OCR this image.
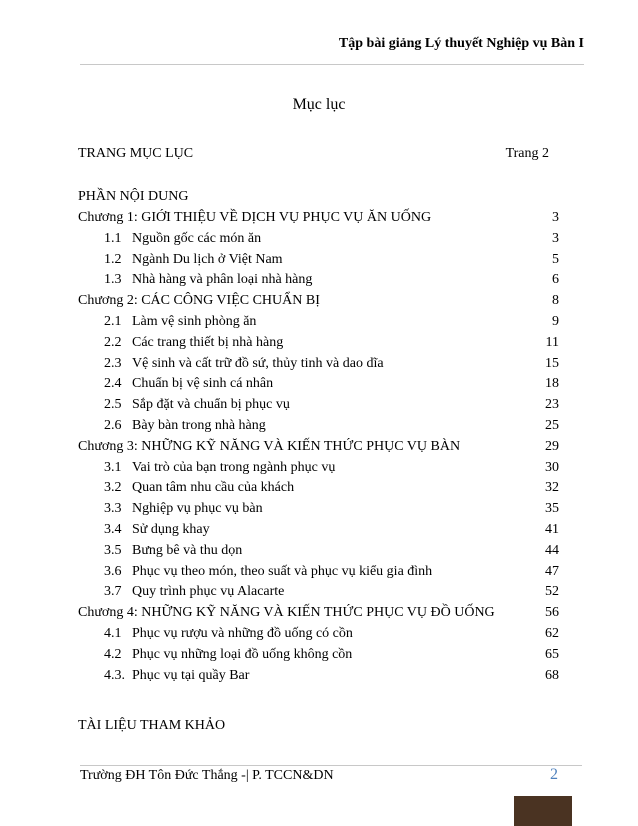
Tập bài giảng Lý thuyết Nghiệp vụ Bàn I
Mục lục
TRANG MỤC LỤC	Trang 2
PHẦN NỘI DUNG
Chương 1: GIỚI THIỆU VỀ DỊCH VỤ PHỤC VỤ ĂN UỐNG	3
1.1 Nguồn gốc các món ăn	3
1.2 Ngành Du lịch ở Việt Nam	5
1.3 Nhà hàng và phân loại nhà hàng	6
Chương 2: CÁC CÔNG VIỆC CHUẨN BỊ	8
2.1 Làm vệ sinh phòng ăn	9
2.2 Các trang thiết bị nhà hàng	11
2.3 Vệ sinh và cất trữ đồ sứ, thủy tinh và dao dĩa	15
2.4 Chuẩn bị vệ sinh cá nhân	18
2.5 Sắp đặt và chuẩn bị phục vụ	23
2.6 Bày bàn trong nhà hàng	25
Chương 3: NHỮNG KỸ NĂNG VÀ KIẾN THỨC PHỤC VỤ BÀN	29
3.1 Vai trò của bạn trong ngành phục vụ	30
3.2 Quan tâm nhu cầu của khách	32
3.3 Nghiệp vụ phục vụ bàn	35
3.4 Sử dụng khay	41
3.5 Bưng bê và thu dọn	44
3.6 Phục vụ theo món, theo suất và phục vụ kiểu gia đình	47
3.7 Quy trình phục vụ Alacarte	52
Chương 4: NHỮNG KỸ NĂNG VÀ KIẾN THỨC PHỤC VỤ ĐỒ UỐNG	56
4.1 Phục vụ rượu và những đồ uống có cồn	62
4.2 Phục vụ những loại đồ uống không cồn	65
4.3. Phục vụ tại quầy Bar	68
TÀI LIỆU THAM KHẢO
Trường ĐH Tôn Đức Thắng -| P. TCCN&DN	2
